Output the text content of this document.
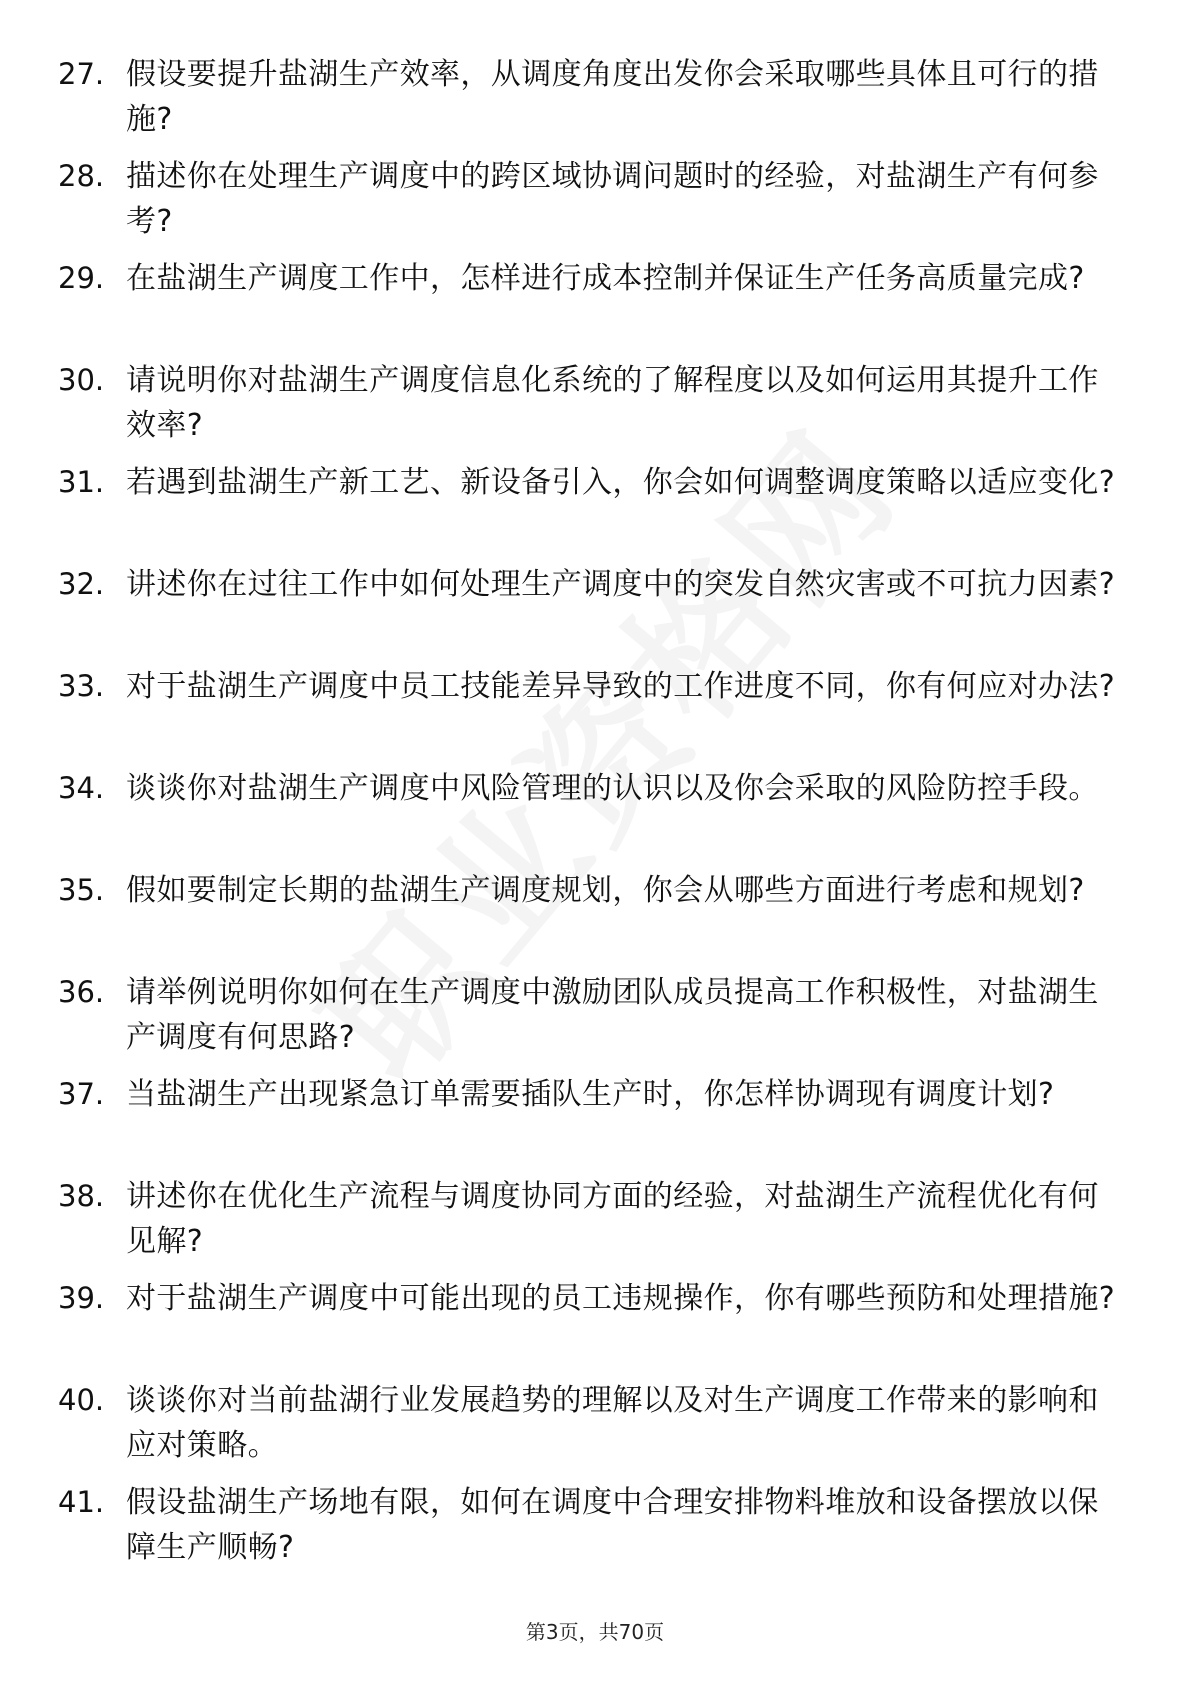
27. 假设要提升盐湖生产效率，从调度角度出发你会采取哪些具体且可行的措施?
28. 描述你在处理生产调度中的跨区域协调问题时的经验，对盐湖生产有何参考?
29. 在盐湖生产调度工作中，怎样进行成本控制并保证生产任务高质量完成?
30. 请说明你对盐湖生产调度信息化系统的了解程度以及如何运用其提升工作效率?
31. 若遇到盐湖生产新工艺、新设备引入，你会如何调整调度策略以适应变化?
32. 讲述你在过往工作中如何处理生产调度中的突发自然灾害或不可抗力因素?
33. 对于盐湖生产调度中员工技能差异导致的工作进度不同，你有何应对办法?
34. 谈谈你对盐湖生产调度中风险管理的认识以及你会采取的风险防控手段。
35. 假如要制定长期的盐湖生产调度规划，你会从哪些方面进行考虑和规划?
36. 请举例说明你如何在生产调度中激励团队成员提高工作积极性，对盐湖生产调度有何思路?
37. 当盐湖生产出现紧急订单需要插队生产时，你怎样协调现有调度计划?
38. 讲述你在优化生产流程与调度协同方面的经验，对盐湖生产流程优化有何见解?
39. 对于盐湖生产调度中可能出现的员工违规操作，你有哪些预防和处理措施?
40. 谈谈你对当前盐湖行业发展趋势的理解以及对生产调度工作带来的影响和应对策略。
41. 假设盐湖生产场地有限，如何在调度中合理安排物料堆放和设备摆放以保障生产顺畅?
第3页，共70页
